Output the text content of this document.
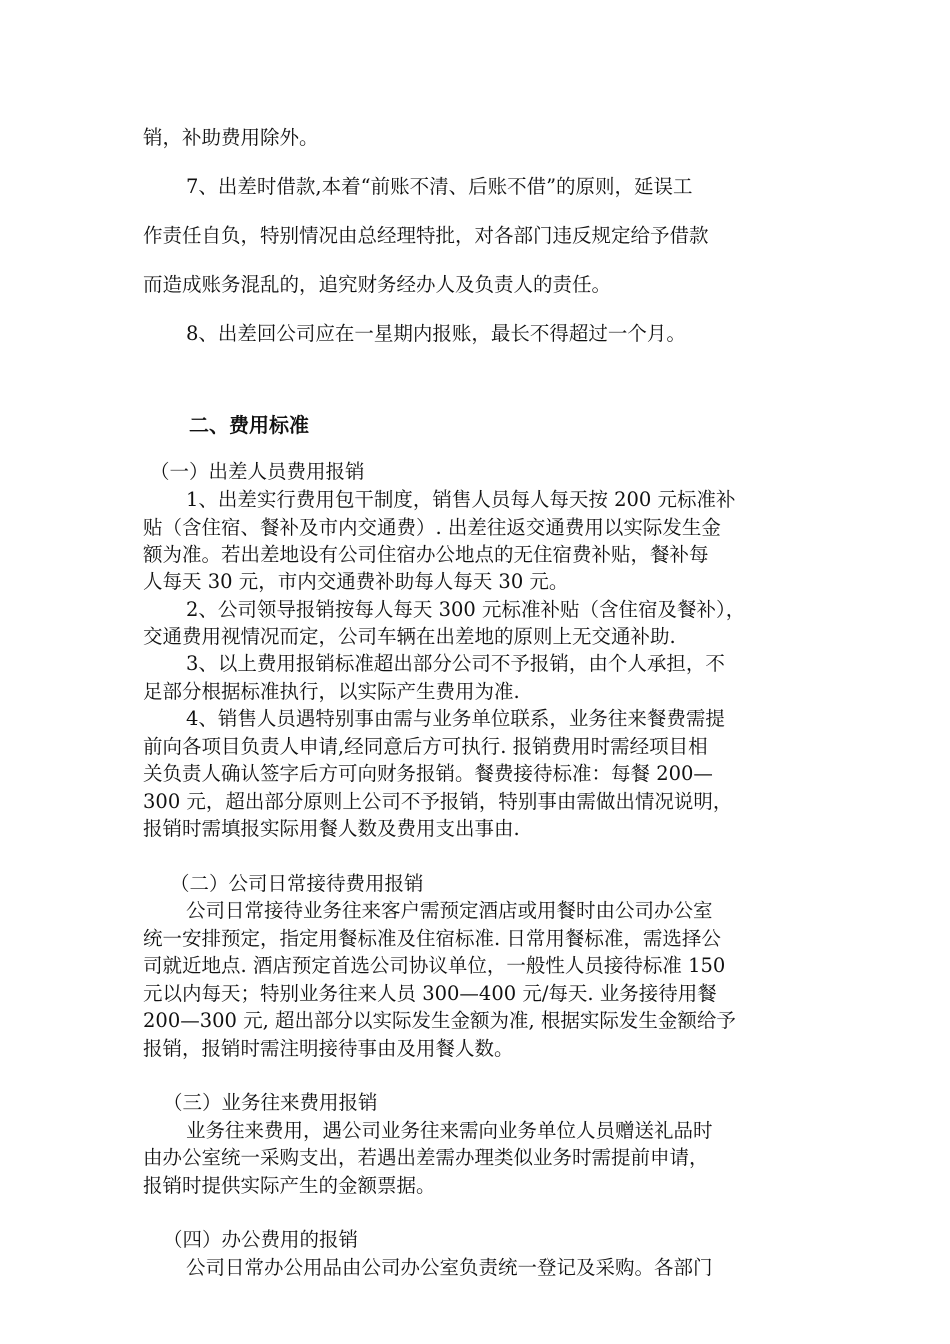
销，补助费用除外。

7、出差时借款,本着“前账不清、后账不借”的原则，延误工

作责任自负，特别情况由总经理特批，对各部门违反规定给予借款

而造成账务混乱的，追究财务经办人及负责人的责任。

8、出差回公司应在一星期内报账，最长不得超过一个月。

二、费用标准

（一）出差人员费用报销

1、出差实行费用包干制度，销售人员每人每天按 200 元标准补

贴（含住宿、餐补及市内交通费）. 出差往返交通费用以实际发生金

额为准。若出差地设有公司住宿办公地点的无住宿费补贴，餐补每

人每天 30 元，市内交通费补助每人每天 30 元。

2、公司领导报销按每人每天 300 元标准补贴（含住宿及餐补），

交通费用视情况而定，公司车辆在出差地的原则上无交通补助.

3、以上费用报销标准超出部分公司不予报销，由个人承担，不

足部分根据标准执行，以实际产生费用为准.

4、销售人员遇特别事由需与业务单位联系，业务往来餐费需提

前向各项目负责人申请,经同意后方可执行. 报销费用时需经项目相

关负责人确认签字后方可向财务报销。餐费接待标准：每餐 200—

300 元，超出部分原则上公司不予报销，特别事由需做出情况说明，

报销时需填报实际用餐人数及费用支出事由.

（二）公司日常接待费用报销

公司日常接待业务往来客户需预定酒店或用餐时由公司办公室

统一安排预定，指定用餐标准及住宿标准. 日常用餐标准，需选择公

司就近地点. 酒店预定首选公司协议单位，一般性人员接待标准 150

元以内每天；特别业务往来人员 300—400 元/每天. 业务接待用餐

200—300 元, 超出部分以实际发生金额为准, 根据实际发生金额给予

报销，报销时需注明接待事由及用餐人数。

（三）业务往来费用报销

业务往来费用，遇公司业务往来需向业务单位人员赠送礼品时

由办公室统一采购支出，若遇出差需办理类似业务时需提前申请，

报销时提供实际产生的金额票据。

（四）办公费用的报销

公司日常办公用品由公司办公室负责统一登记及采购。各部门
